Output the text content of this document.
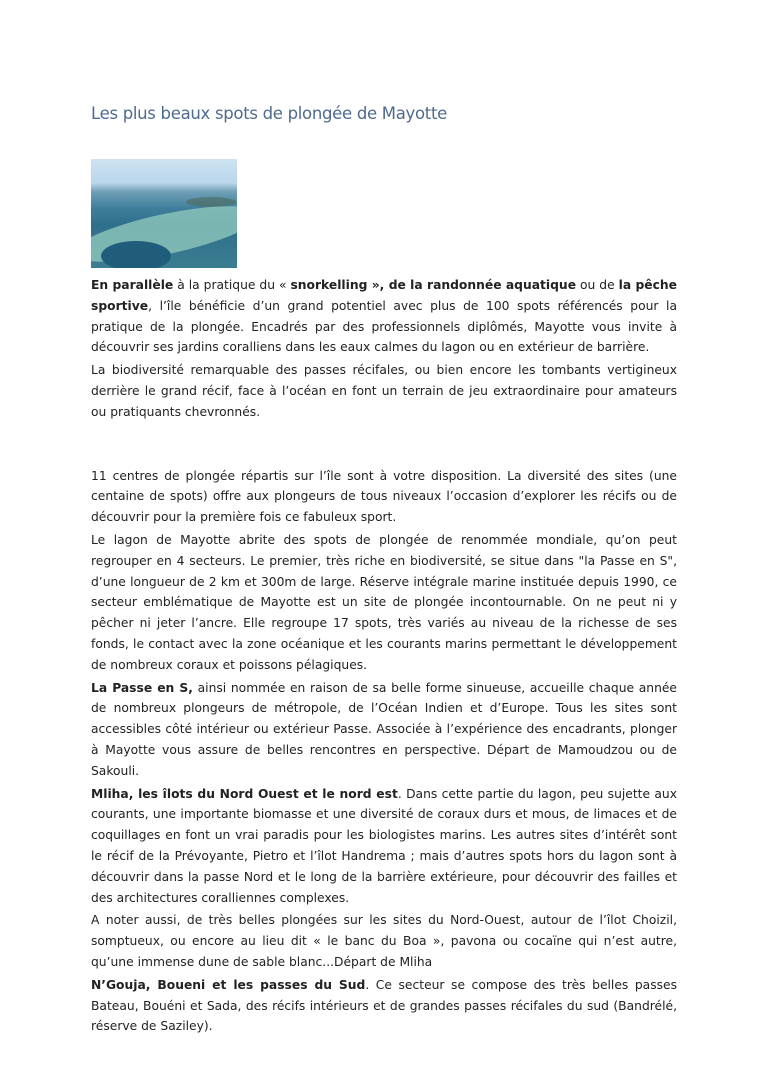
Les plus beaux spots de plongée de Mayotte

En parallèle à la pratique du « snorkelling », de la randonnée aquatique ou de la pêche sportive, l’île bénéficie d’un grand potentiel avec plus de 100 spots référencés pour la pratique de la plongée. Encadrés par des professionnels diplômés, Mayotte vous invite à découvrir ses jardins coralliens dans les eaux calmes du lagon ou en extérieur de barrière.

La biodiversité remarquable des passes récifales, ou bien encore les tombants vertigineux derrière le grand récif, face à l’océan en font un terrain de jeu extraordinaire pour amateurs ou pratiquants chevronnés.

11 centres de plongée répartis sur l’île sont à votre disposition. La diversité des sites (une centaine de spots) offre aux plongeurs de tous niveaux l’occasion d’explorer les récifs ou de découvrir pour la première fois ce fabuleux sport.

Le lagon de Mayotte abrite des spots de plongée de renommée mondiale, qu’on peut regrouper en 4 secteurs. Le premier, très riche en biodiversité, se situe dans "la Passe en S", d’une longueur de 2 km et 300m de large. Réserve intégrale marine instituée depuis 1990, ce secteur emblématique de Mayotte est un site de plongée incontournable. On ne peut ni y pêcher ni jeter l’ancre. Elle regroupe 17 spots, très variés au niveau de la richesse de ses fonds, le contact avec la zone océanique et les courants marins permettant le développement de nombreux coraux et poissons pélagiques.

La Passe en S, ainsi nommée en raison de sa belle forme sinueuse, accueille chaque année de nombreux plongeurs de métropole, de l’Océan Indien et d’Europe. Tous les sites sont accessibles côté intérieur ou extérieur Passe. Associée à l’expérience des encadrants, plonger à Mayotte vous assure de belles rencontres en perspective. Départ de Mamoudzou ou de Sakouli.

Mliha, les îlots du Nord Ouest et le nord est. Dans cette partie du lagon, peu sujette aux courants, une importante biomasse et une diversité de coraux durs et mous, de limaces et de coquillages en font un vrai paradis pour les biologistes marins. Les autres sites d’intérêt sont le récif de la Prévoyante, Pietro et l’îlot Handrema ; mais d’autres spots hors du lagon sont à découvrir dans la passe Nord et le long de la barrière extérieure, pour découvrir des failles et des architectures coralliennes complexes.

A noter aussi, de très belles plongées sur les sites du Nord-Ouest, autour de l’îlot Choizil, somptueux, ou encore au lieu dit « le banc du Boa », pavona ou cocaïne qui n’est autre, qu’une immense dune de sable blanc...Départ de Mliha

N’Gouja, Boueni et les passes du Sud. Ce secteur se compose des très belles passes Bateau, Bouéni et Sada, des récifs intérieurs et de grandes passes récifales du sud (Bandrélé, réserve de Saziley).
